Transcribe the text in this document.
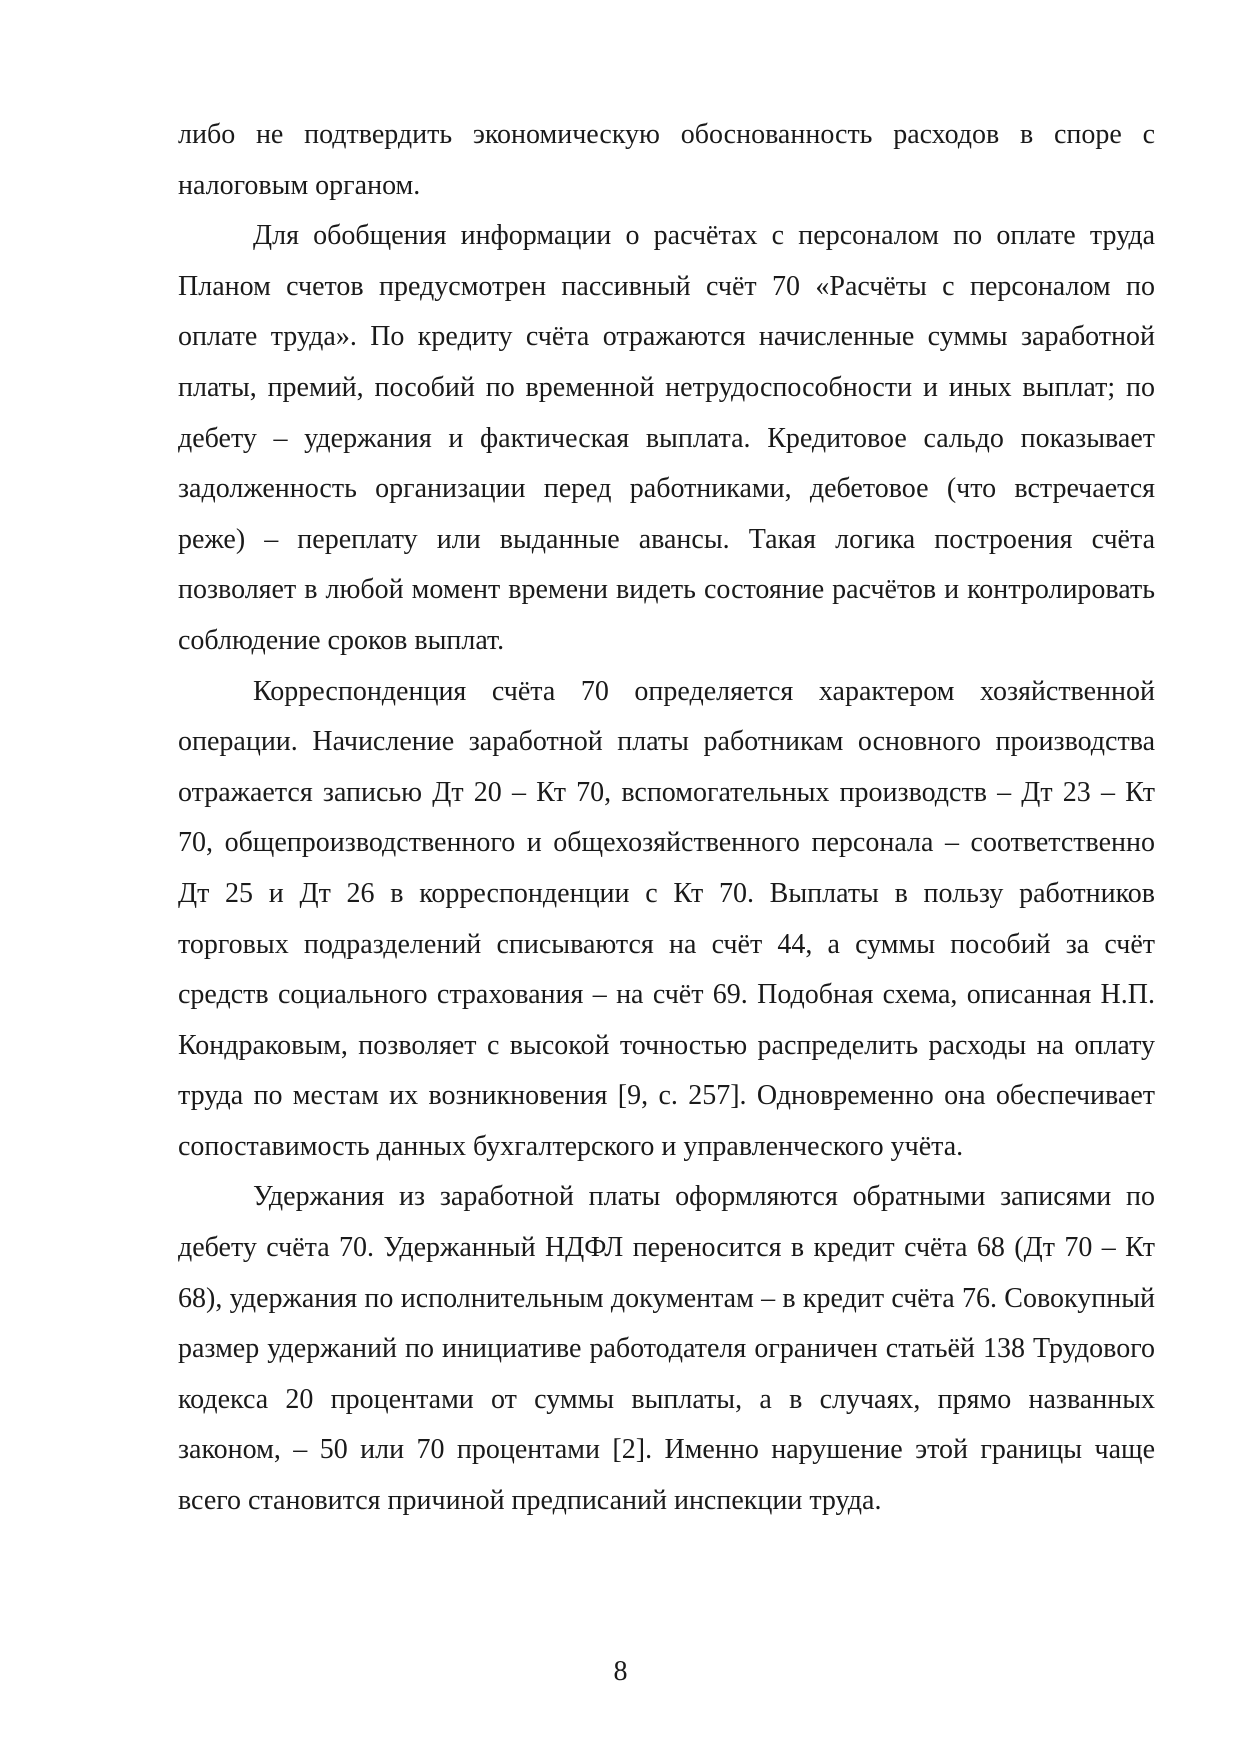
либо не подтвердить экономическую обоснованность расходов в споре с налоговым органом.

Для обобщения информации о расчётах с персоналом по оплате труда Планом счетов предусмотрен пассивный счёт 70 «Расчёты с персоналом по оплате труда». По кредиту счёта отражаются начисленные суммы заработной платы, премий, пособий по временной нетрудоспособности и иных выплат; по дебету – удержания и фактическая выплата. Кредитовое сальдо показывает задолженность организации перед работниками, дебетовое (что встречается реже) – переплату или выданные авансы. Такая логика построения счёта позволяет в любой момент времени видеть состояние расчётов и контролировать соблюдение сроков выплат.

Корреспонденция счёта 70 определяется характером хозяйственной операции. Начисление заработной платы работникам основного производства отражается записью Дт 20 – Кт 70, вспомогательных производств – Дт 23 – Кт 70, общепроизводственного и общехозяйственного персонала – соответственно Дт 25 и Дт 26 в корреспонденции с Кт 70. Выплаты в пользу работников торговых подразделений списываются на счёт 44, а суммы пособий за счёт средств социального страхования – на счёт 69. Подобная схема, описанная Н.П. Кондраковым, позволяет с высокой точностью распределить расходы на оплату труда по местам их возникновения [9, с. 257]. Одновременно она обеспечивает сопоставимость данных бухгалтерского и управленческого учёта.

Удержания из заработной платы оформляются обратными записями по дебету счёта 70. Удержанный НДФЛ переносится в кредит счёта 68 (Дт 70 – Кт 68), удержания по исполнительным документам – в кредит счёта 76. Совокупный размер удержаний по инициативе работодателя ограничен статьёй 138 Трудового кодекса 20 процентами от суммы выплаты, а в случаях, прямо названных законом, – 50 или 70 процентами [2]. Именно нарушение этой границы чаще всего становится причиной предписаний инспекции труда.

8
